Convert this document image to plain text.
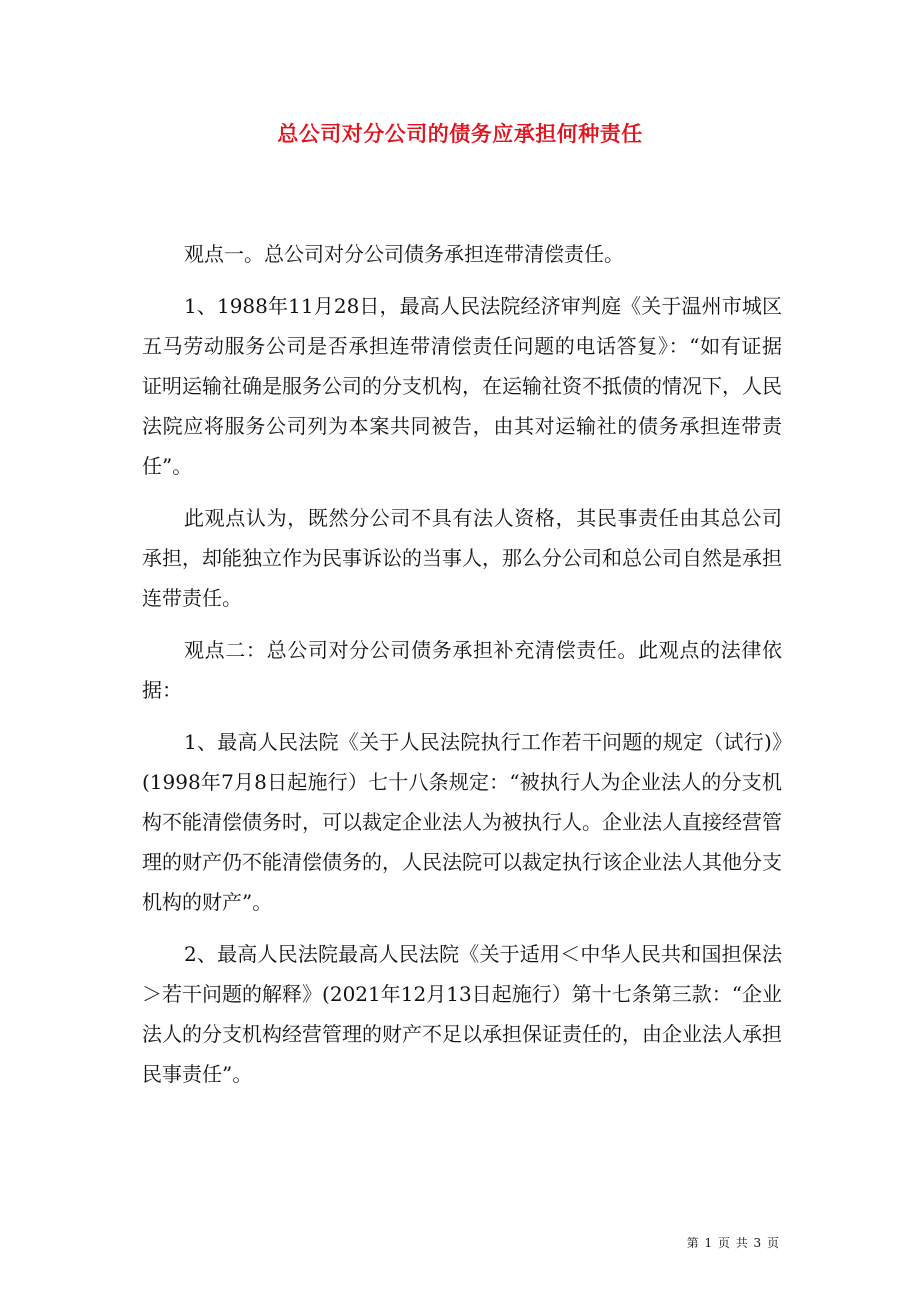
总公司对分公司的债务应承担何种责任

观点一。总公司对分公司债务承担连带清偿责任。

1、1988年11月28日，最高人民法院经济审判庭《关于温州市城区五马劳动服务公司是否承担连带清偿责任问题的电话答复》：“如有证据证明运输社确是服务公司的分支机构，在运输社资不抵债的情况下，人民法院应将服务公司列为本案共同被告，由其对运输社的债务承担连带责任”。

此观点认为，既然分公司不具有法人资格，其民事责任由其总公司承担，却能独立作为民事诉讼的当事人，那么分公司和总公司自然是承担连带责任。

观点二：总公司对分公司债务承担补充清偿责任。此观点的法律依据：

1、最高人民法院《关于人民法院执行工作若干问题的规定（试行)》(1998年7月8日起施行）七十八条规定：“被执行人为企业法人的分支机构不能清偿债务时，可以裁定企业法人为被执行人。企业法人直接经营管理的财产仍不能清偿债务的，人民法院可以裁定执行该企业法人其他分支机构的财产”。

2、最高人民法院最高人民法院《关于适用＜中华人民共和国担保法＞若干问题的解释》(2021年12月13日起施行）第十七条第三款：“企业法人的分支机构经营管理的财产不足以承担保证责任的，由企业法人承担民事责任”。

第 1 页 共 3 页
